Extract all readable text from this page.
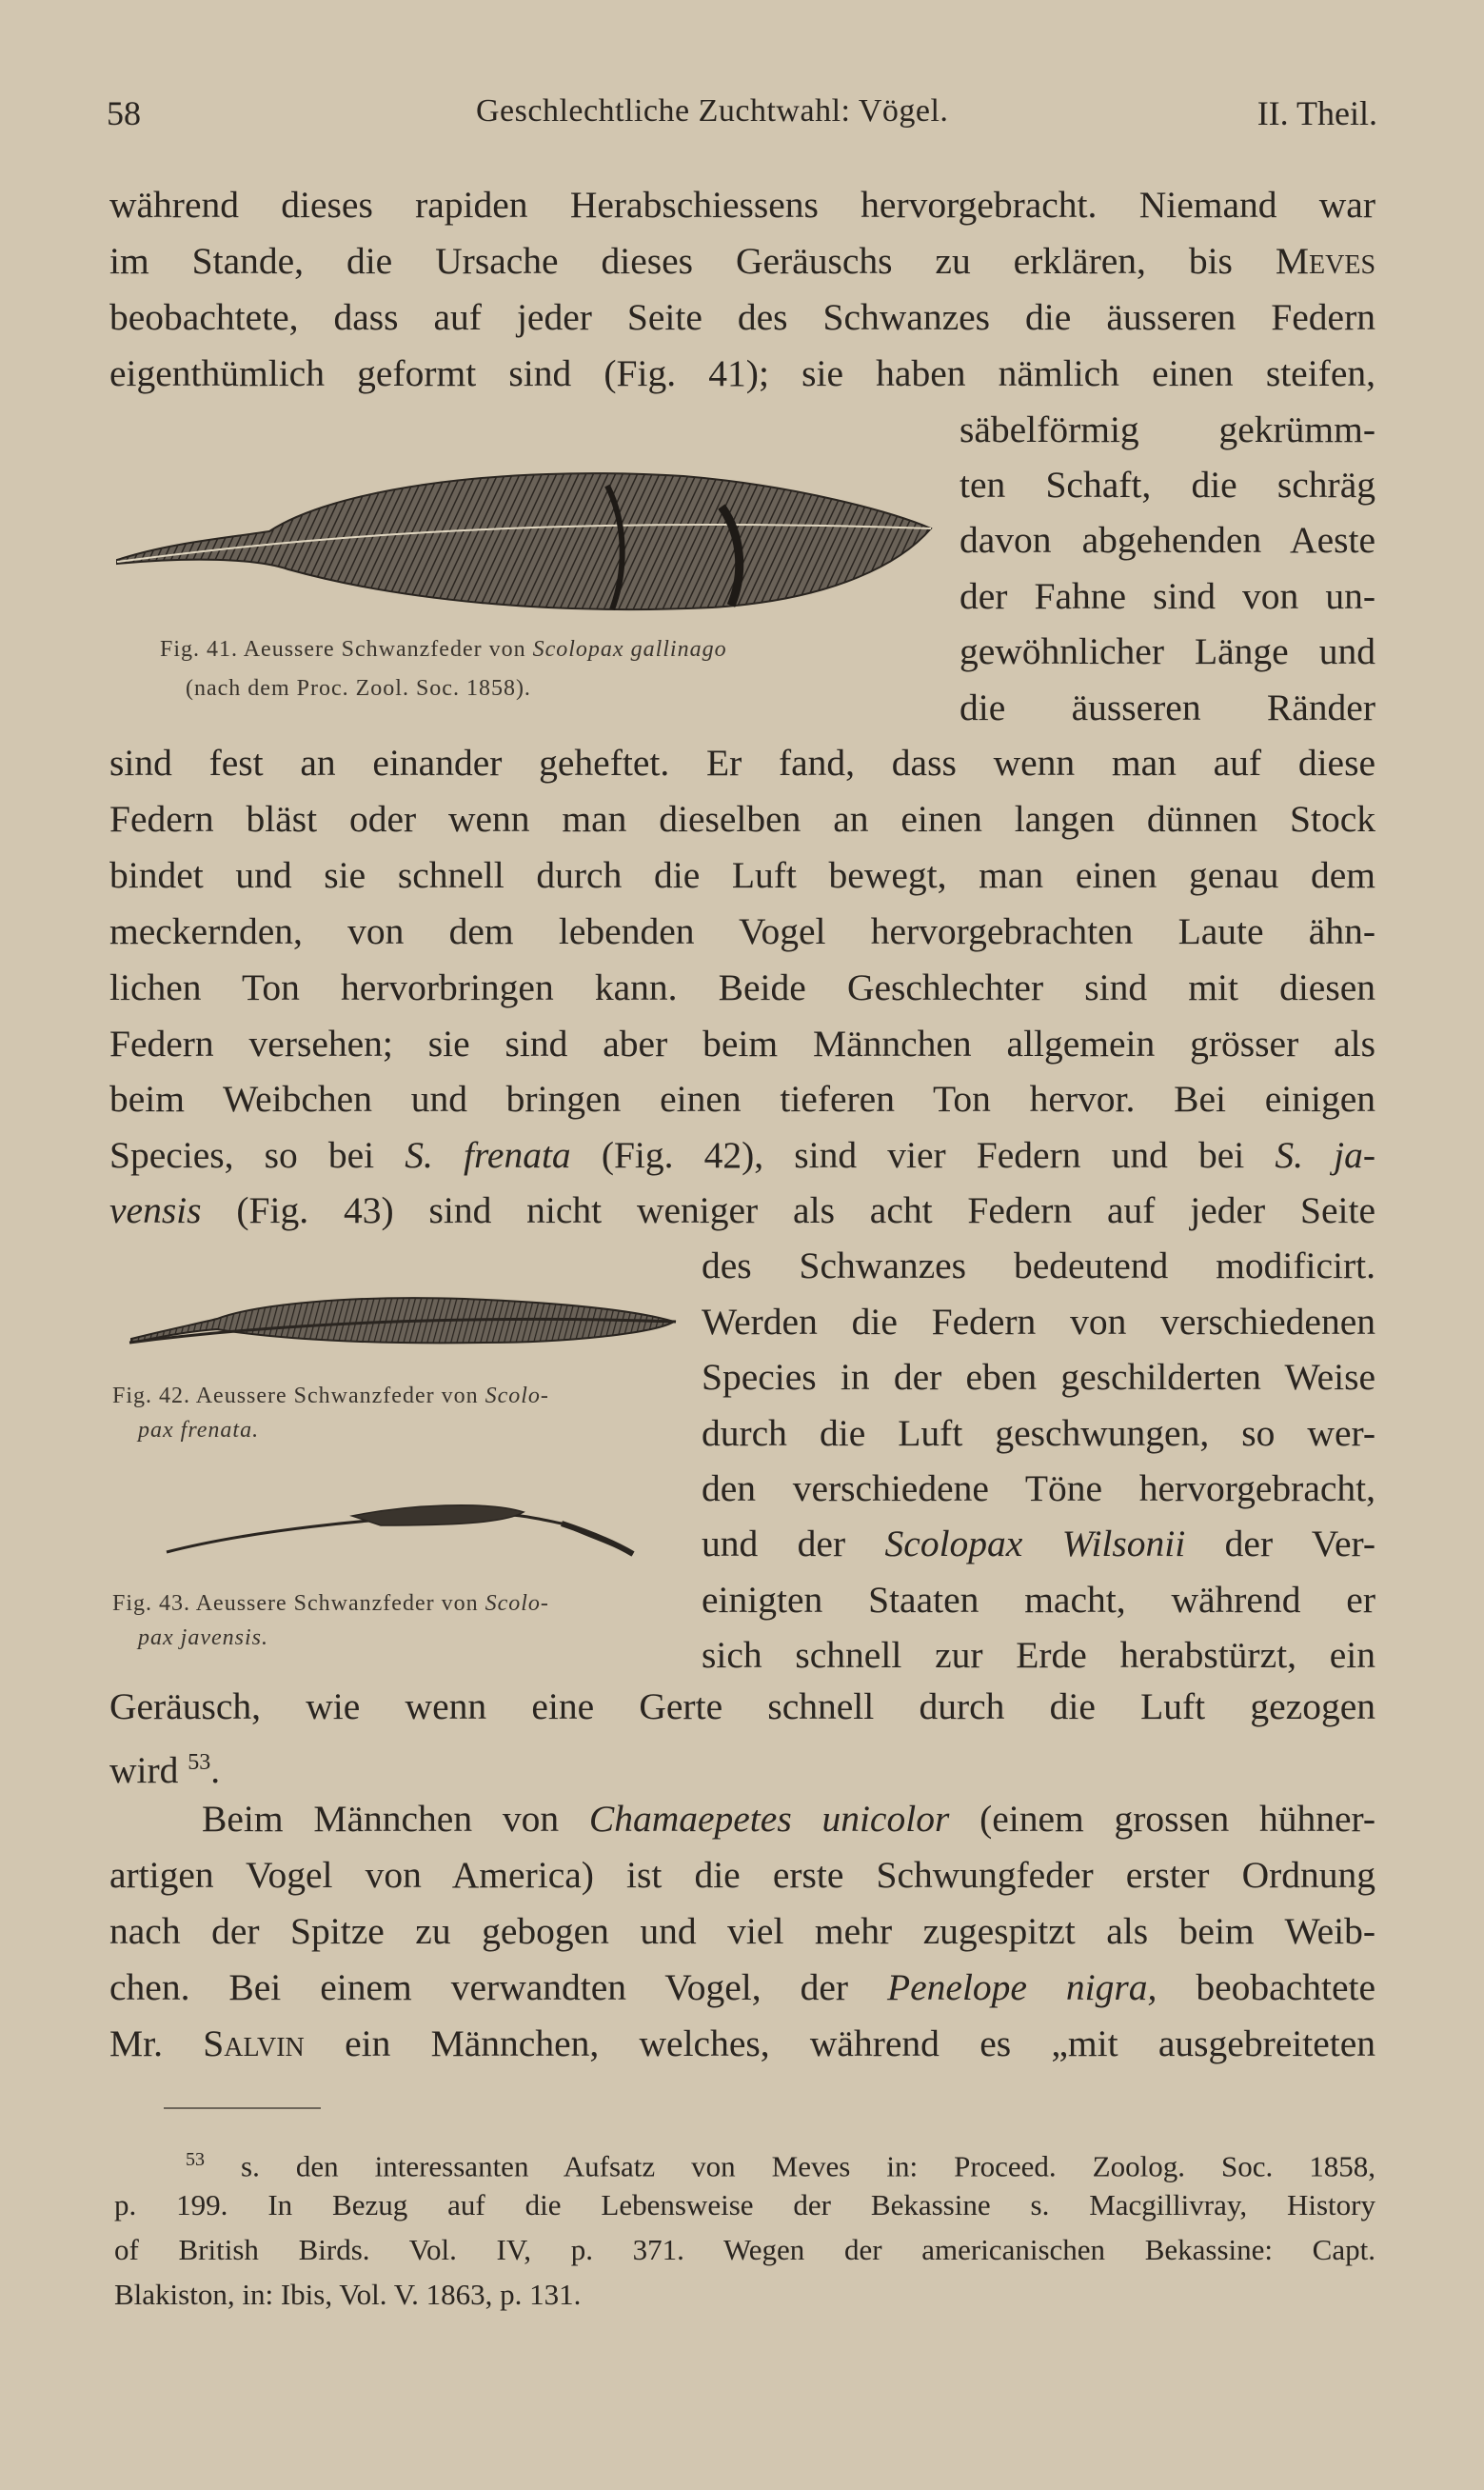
58	Geschlechtliche Zuchtwahl: Vögel.	II. Theil.
während dieses rapiden Herabschiessens hervorgebracht. Niemand war
im Stande, die Ursache dieses Geräuschs zu erklären, bis Meves
beobachtete, dass auf jeder Seite des Schwanzes die äusseren Federn
eigenthümlich geformt sind (Fig. 41); sie haben nämlich einen steifen,
säbelförmig gekrümm-
ten Schaft, die schräg
davon abgehenden Aeste
der Fahne sind von un-
gewöhnlicher Länge und
die äusseren Ränder
Fig. 41. Aeussere Schwanzfeder von Scolopax gallinago
(nach dem Proc. Zool. Soc. 1858).
sind fest an einander geheftet. Er fand, dass wenn man auf diese
Federn bläst oder wenn man dieselben an einen langen dünnen Stock
bindet und sie schnell durch die Luft bewegt, man einen genau dem
meckernden, von dem lebenden Vogel hervorgebrachten Laute ähn-
lichen Ton hervorbringen kann. Beide Geschlechter sind mit diesen
Federn versehen; sie sind aber beim Männchen allgemein grösser als
beim Weibchen und bringen einen tieferen Ton hervor. Bei einigen
Species, so bei S. frenata (Fig. 42), sind vier Federn und bei S. ja-
vensis (Fig. 43) sind nicht weniger als acht Federn auf jeder Seite
des Schwanzes bedeutend modificirt.
Werden die Federn von verschiedenen
Species in der eben geschilderten Weise
durch die Luft geschwungen, so wer-
den verschiedene Töne hervorgebracht,
und der Scolopax Wilsonii der Ver-
einigten Staaten macht, während er
sich schnell zur Erde herabstürzt, ein
Fig. 42. Aeussere Schwanzfeder von Scolo-
pax frenata.
Fig. 43. Aeussere Schwanzfeder von Scolo-
pax javensis.
Geräusch, wie wenn eine Gerte schnell durch die Luft gezogen
wird $^{53}$.
Beim Männchen von Chamaepetes unicolor (einem grossen hühner-
artigen Vogel von America) ist die erste Schwungfeder erster Ordnung
nach der Spitze zu gebogen und viel mehr zugespitzt als beim Weib-
chen. Bei einem verwandten Vogel, der Penelope nigra, beobachtete
Mr. Salvin ein Männchen, welches, während es „mit ausgebreiteten
$^{53}$ s. den interessanten Aufsatz von Meves in: Proceed. Zoolog. Soc. 1858,
p. 199. In Bezug auf die Lebensweise der Bekassine s. Macgillivray, History
of British Birds. Vol. IV, p. 371. Wegen der americanischen Bekassine: Capt.
Blakiston, in: Ibis, Vol. V. 1863, p. 131.
